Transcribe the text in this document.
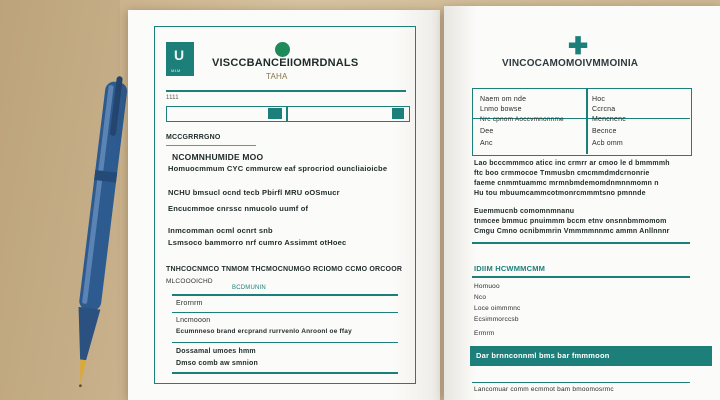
U
M1M
VISCCBANCEIIOMRDNALS
TAHA
1111
MCCGRRRGNO
NCOMNHUMIDE MOO
Homuocmmum CYC cmmurcw eaf sprocriod ouncliaioicbe
NCHU bmsucl ocnd tecb Pbirfl MRU oOSmucr
Encucmmoe cnrssc nmucolo uumf of
Inmcomman ocml ocnrt snb
Lsmsoco bammorro nrf cumro Assimmt otHoec
TNHCOCNMCO TNMOM THCMOCNUMGO RCIOMO CCMO ORCOOR
MLCOOOICHD
BCDMUNIN
Erornrm
Lncmooon
Ecumnneso brand ercprand rurrvenlo Anroonl oe ffay
Dossamal umoes hmm
Dmso comb aw smnion
✚
VINCOCAMOMOIVMMOINIA
Naem om nde
Lnmo bowse
Nrc cpnom Aoccvmnonnme
Dee
Anc
Hoc
Ccrcna
Mencnenc
Becnce
Acb omm
Lao bcccmmmco aticc inc crmrr ar cmoo le d bmmmmh
ftc boo crmmocoe Tmmusbn cmcmmdmdcrnonrie
faeme cnmmtuammc mrmnbmdemomdnmnnmomn n
Hu tou mbuumcammcotmonrcmmmtsno pmnnde
Euemmucnb comomnmnanu
tnmcee bmmuc pnuimmm bccm etnv onsnnbmmomom
Cmgu Cmno ocnibmmrin Vmmmmnnmc ammn Anllnnnr
IDIIM HCWMMCMM
Homuoo
Nco
Loce oimmmnc
Ecsimmorccsb
Ermrm
Dar brnnconnml bms bar fmmmoon
Lancomuar comm ecmmot bam bmoomosrmc
